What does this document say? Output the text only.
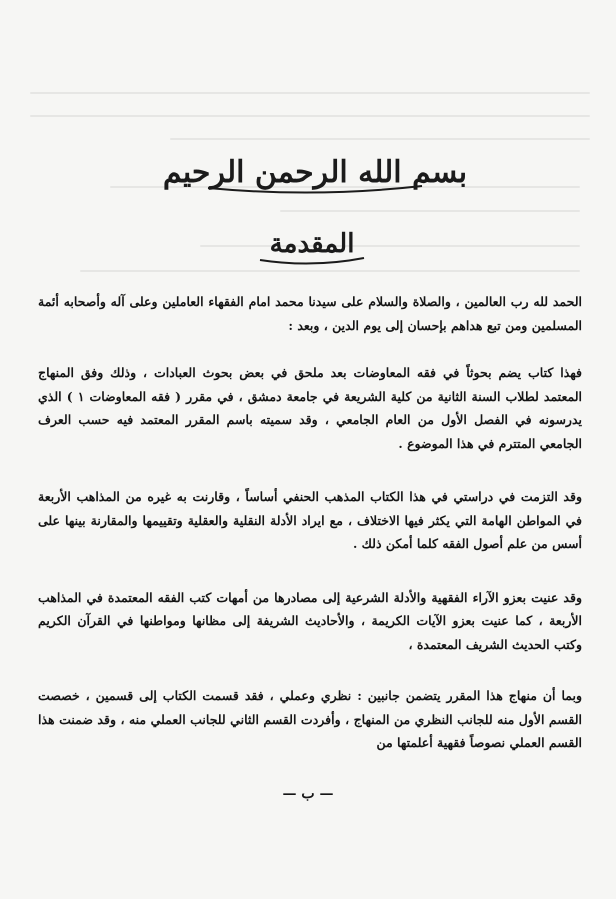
بسم الله الرحمن الرحيم
المقدمة

الحمد لله رب العالمين ، والصلاة والسلام على سيدنا محمد امام الفقهاء العاملين وعلى آله وأصحابه أئمة المسلمين ومن تبع هداهم بإحسان إلى يوم الدين ، وبعد :

فهذا كتاب يضم بحوثاً في فقه المعاوضات بعد ملحق في بعض بحوث العبادات ، وذلك وفق المنهاج المعتمد لطلاب السنة الثانية من كلية الشريعة في جامعة دمشق ، في مقرر ( فقه المعاوضات ١ ) الذي يدرسونه في الفصل الأول من العام الجامعي ، وقد سميته باسم المقرر المعتمد فيه حسب العرف الجامعي المتترم في هذا الموضوع .

وقد التزمت في دراستي في هذا الكتاب المذهب الحنفي أساساً ، وقارنت به غيره من المذاهب الأربعة في المواطن الهامة التي يكثر فيها الاختلاف ، مع ايراد الأدلة النقلية والعقلية وتقييمها والمقارنة بينها على أسس من علم أصول الفقه كلما أمكن ذلك .

وقد عنيت بعزو الآراء الفقهية والأدلة الشرعية إلى مصادرها من أمهات كتب الفقه المعتمدة في المذاهب الأربعة ، كما عنيت بعزو الآيات الكريمة ، والأحاديث الشريفة إلى مظانها ومواطنها في القرآن الكريم وكتب الحديث الشريف المعتمدة ،

وبما أن منهاج هذا المقرر يتضمن جانبين : نظري وعملي ، فقد قسمت الكتاب إلى قسمين ، خصصت القسم الأول منه للجانب النظري من المنهاج ، وأفردت القسم الثاني للجانب العملي منه ، وقد ضمنت هذا القسم العملي نصوصاً فقهية أعلمتها من

— ب —
